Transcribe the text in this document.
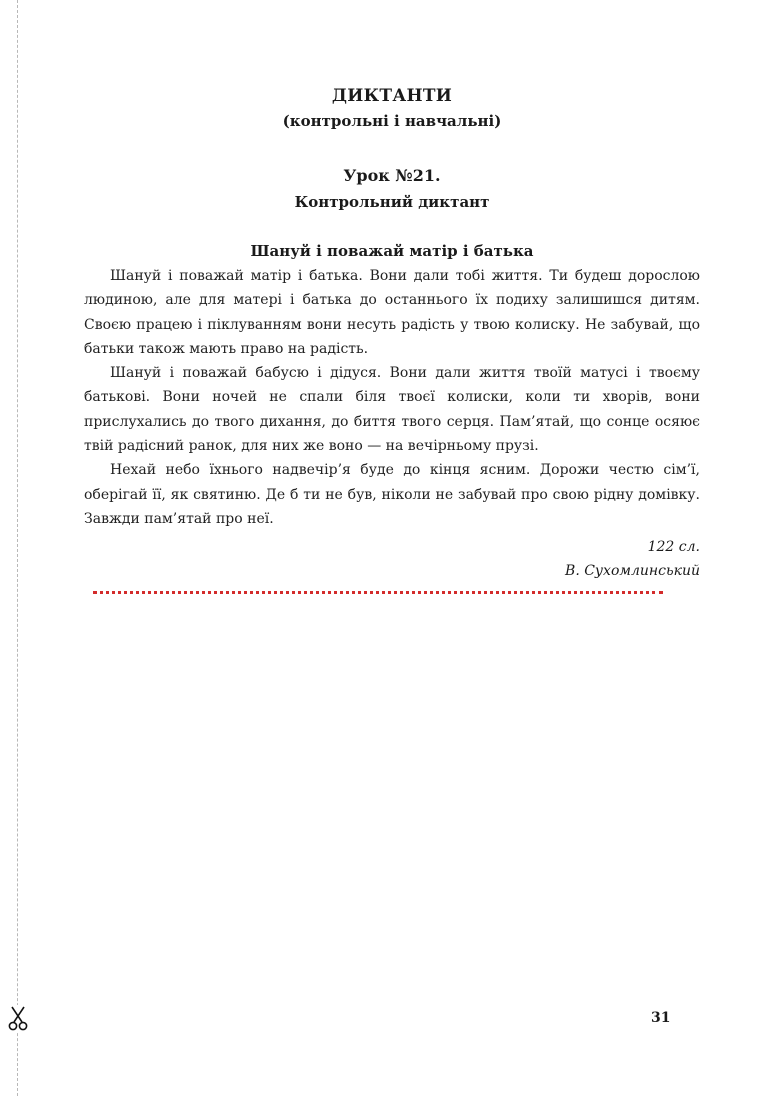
ДИКТАНТИ
(контрольні і навчальні)
Урок №21.
Контрольний диктант
Шануй і поважай матір і батька

Шануй і поважай матір і батька. Вони дали тобі життя. Ти будеш дорослою людиною, але для матері і батька до останнього їх подиху залишишся дитям. Своєю працею і піклуванням вони несуть радість у твою колиску. Не забувай, що батьки також мають право на радість.

Шануй і поважай бабусю і дідуся. Вони дали життя твоїй матусі і твоєму батькові. Вони ночей не спали біля твоєї колиски, коли ти хворів, вони прислухались до твого дихання, до биття твого серця. Пам’ятай, що сонце осяює твій радісний ранок, для них же воно — на вечірньому прузі.

Нехай небо їхнього надвечір’я буде до кінця ясним. Дорожи честю сім’ї, оберігай її, як святиню. Де б ти не був, ніколи не забувай про свою рідну домівку. Завжди пам’ятай про неї.

122 сл.

В. Сухомлинський

31
